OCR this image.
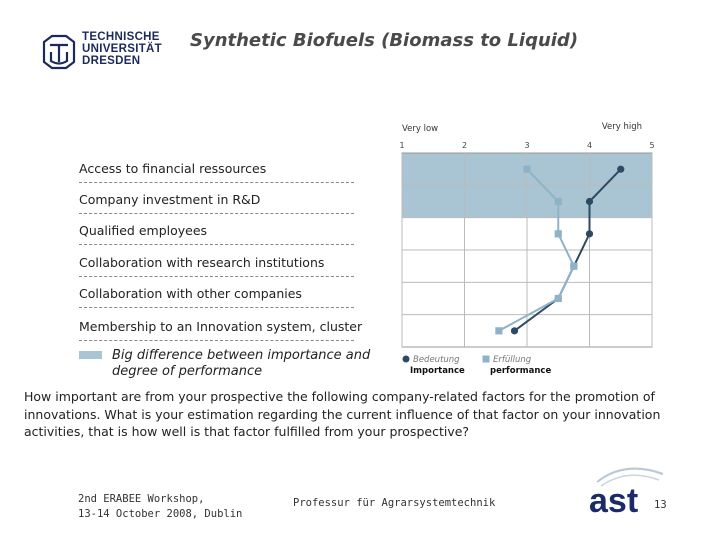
TECHNISCHE
UNIVERSITÄT
DRESDEN
Synthetic Biofuels (Biomass to Liquid)
Access to financial ressources
Company investment in R&D
Qualified employees
Collaboration with research institutions
Collaboration with other companies
Membership to an Innovation system, cluster
Big difference between importance and degree of performance
1	2	3	4	5
Very low	Very high
Bedeutung
Importance
Erfüllung
performance
How important are from your prospective the following company-related factors for the promotion of innovations. What is your estimation regarding the current influence of that factor on your innovation activities, that is how well is that factor fulfilled from your prospective?
2nd ERABEE Workshop,
13-14 October 2008, Dublin
Professur für Agrarsystemtechnik	ast 13
